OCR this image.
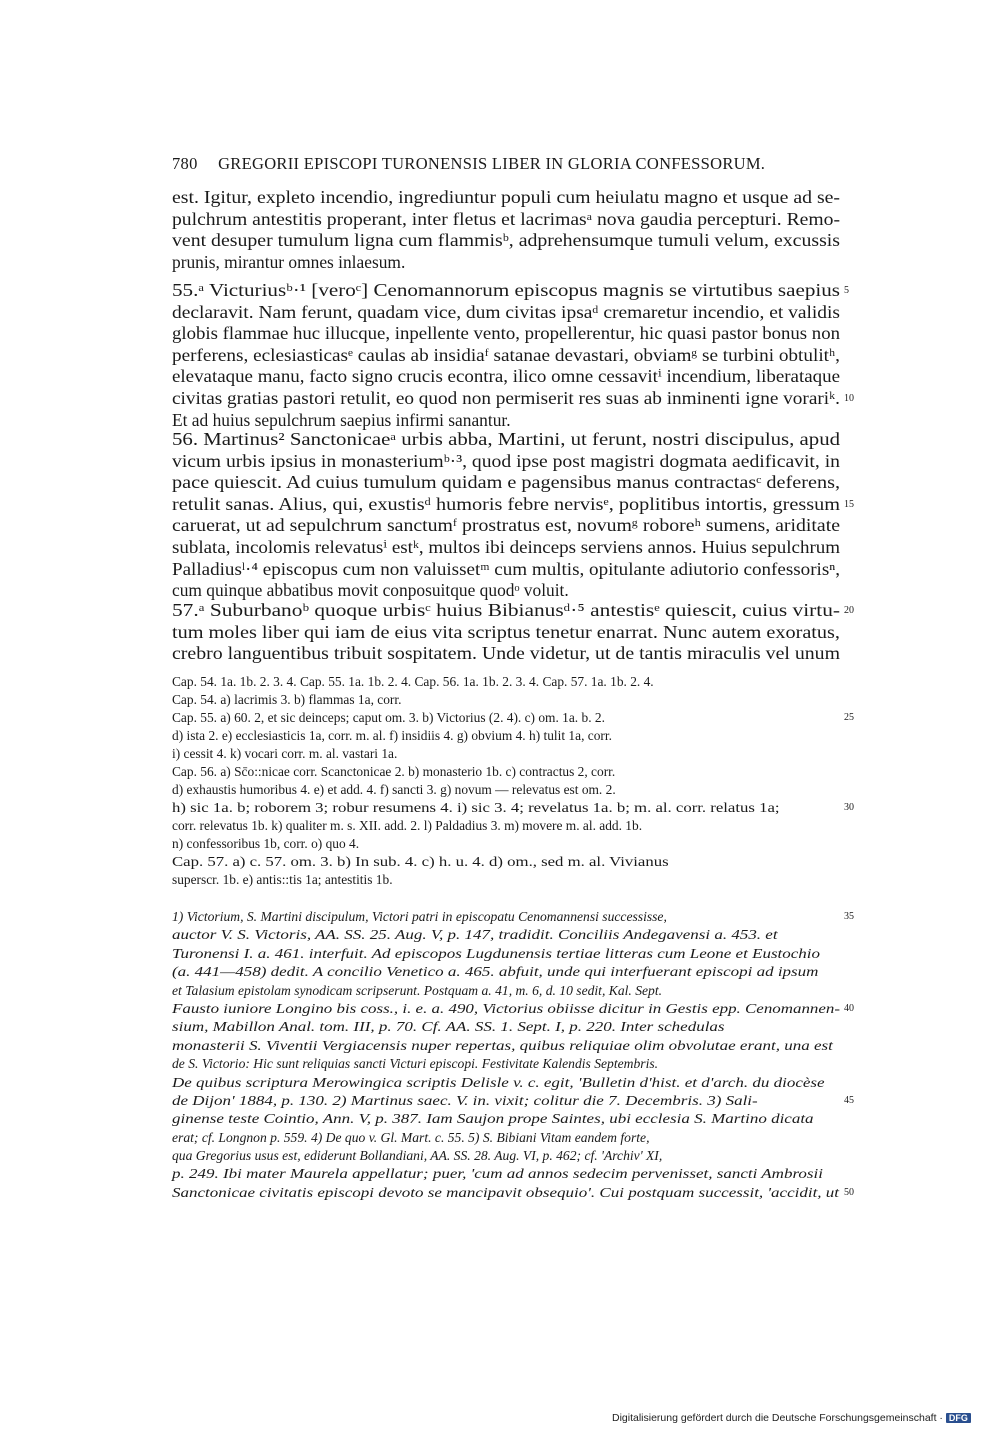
780 GREGORII EPISCOPI TURONENSIS LIBER IN GLORIA CONFESSORUM.
est. Igitur, expleto incendio, ingrediuntur populi cum heiulatu magno et usque ad se-
pulchrum antestitis properant, inter fletus et lacrimasᵃ nova gaudia percepturi. Remo-
vent desuper tumulum ligna cum flammisᵇ, adprehensumque tumuli velum, excussis
prunis, mirantur omnes inlaesum.
55.ᵃ Victuriusᵇ·¹ [veroᶜ] Cenomannorum episcopus magnis se virtutibus saepius 5
declaravit. Nam ferunt, quadam vice, dum civitas ipsaᵈ cremaretur incendio, et validis
globis flammae huc illucque, inpellente vento, propellerentur, hic quasi pastor bonus non
perferens, eclesiasticasᵉ caulas ab insidiaᶠ satanae devastari, obviamᵍ se turbini obtulitʰ,
elevataque manu, facto signo crucis econtra, ilico omne cessavitⁱ incendium, liberataque
civitas gratias pastori retulit, eo quod non permiserit res suas ab inminenti igne vorariᵏ. 10
Et ad huius sepulchrum saepius infirmi sanantur.
56. Martinus² Sanctonicaeᵃ urbis abba, Martini, ut ferunt, nostri discipulus, apud
vicum urbis ipsius in monasteriumᵇ·³, quod ipse post magistri dogmata aedificavit, in
pace quiescit. Ad cuius tumulum quidam e pagensibus manus contractasᶜ deferens,
retulit sanas. Alius, qui, exustisᵈ humoris febre nervisᵉ, poplitibus intortis, gressum 15
caruerat, ut ad sepulchrum sanctumᶠ prostratus est, novumᵍ roboreʰ sumens, ariditate
sublata, incolomis relevatusⁱ estᵏ, multos ibi deinceps serviens annos. Huius sepulchrum
Palladiusˡ·⁴ episcopus cum non valuissetᵐ cum multis, opitulante adiutorio confessorisⁿ,
cum quinque abbatibus movit conposuitque quodᵒ voluit.
57.ᵃ Suburbanoᵇ quoque urbisᶜ huius Bibianusᵈ·⁵ antestisᵉ quiescit, cuius virtu- 20
tum moles liber qui iam de eius vita scriptus tenetur enarrat. Nunc autem exoratus,
crebro languentibus tribuit sospitatem. Unde videtur, ut de tantis miraculis vel unum
Cap. 54. 1a. 1b. 2. 3. 4. Cap. 55. 1a. 1b. 2. 4. Cap. 56. 1a. 1b. 2. 3. 4. Cap. 57. 1a. 1b. 2. 4.
Cap. 54. a) lacrimis 3. b) flammas 1a, corr.
Cap. 55. a) 60. 2, et sic deinceps; caput om. 3. b) Victorius (2. 4). c) om. 1a. b. 2.	25
d) ista 2. e) ecclesiasticis 1a, corr. m. al. f) insidiis 4. g) obvium 4. h) tulit 1a, corr.
i) cessit 4. k) vocari corr. m. al. vastari 1a.
Cap. 56. a) Sc̄o::nicae corr. Scanctonicae 2. b) monasterio 1b. c) contractus 2, corr.
d) exhaustis humoribus 4. e) et add. 4. f) sancti 3. g) novum — relevatus est om. 2.
h) sic 1a. b; roborem 3; robur resumens 4. i) sic 3. 4; revelatus 1a. b; m. al. corr. relatus 1a;	30
corr. relevatus 1b. k) qualiter m. s. XII. add. 2. l) Paldadius 3. m) movere m. al. add. 1b.
n) confessoribus 1b, corr. o) quo 4.
Cap. 57. a) c. 57. om. 3. b) In sub. 4. c) h. u. 4. d) om., sed m. al. Vivianus
superscr. 1b. e) antis::tis 1a; antestitis 1b.
1) Victorium, S. Martini discipulum, Victori patri in episcopatu Cenomannensi successisse,	35
auctor V. S. Victoris, AA. SS. 25. Aug. V, p. 147, tradidit. Conciliis Andegavensi a. 453. et
Turonensi I. a. 461. interfuit. Ad episcopos Lugdunensis tertiae litteras cum Leone et Eustochio
(a. 441—458) dedit. A concilio Venetico a. 465. abfuit, unde qui interfuerant episcopi ad ipsum
et Talasium epistolam synodicam scripserunt. Postquam a. 41, m. 6, d. 10 sedit, Kal. Sept.
Fausto iuniore Longino bis coss., i. e. a. 490, Victorius obiisse dicitur in Gestis epp. Cenomannen- 40
sium, Mabillon Anal. tom. III, p. 70. Cf. AA. SS. 1. Sept. I, p. 220. Inter schedulas
monasterii S. Viventii Vergiacensis nuper repertas, quibus reliquiae olim obvolutae erant, una est
de S. Victorio: Hic sunt reliquias sancti Victuri episcopi. Festivitate Kalendis Septembris.
De quibus scriptura Merowingica scriptis Delisle v. c. egit, 'Bulletin d'hist. et d'arch. du diocèse
de Dijon' 1884, p. 130. 2) Martinus saec. V. in. vixit; colitur die 7. Decembris. 3) Sali-	45
ginense teste Cointio, Ann. V, p. 387. Iam Saujon prope Saintes, ubi ecclesia S. Martino dicata
erat; cf. Longnon p. 559. 4) De quo v. Gl. Mart. c. 55. 5) S. Bibiani Vitam eandem forte,
qua Gregorius usus est, ediderunt Bollandiani, AA. SS. 28. Aug. VI, p. 462; cf. 'Archiv' XI,
p. 249. Ibi mater Maurela appellatur; puer, 'cum ad annos sedecim pervenisset, sancti Ambrosii
Sanctonicae civitatis episcopi devoto se mancipavit obsequio'. Cui postquam successit, 'accidit, ut 50
Digitalisierung gefördert durch die Deutsche Forschungsgemeinschaft · DFG
